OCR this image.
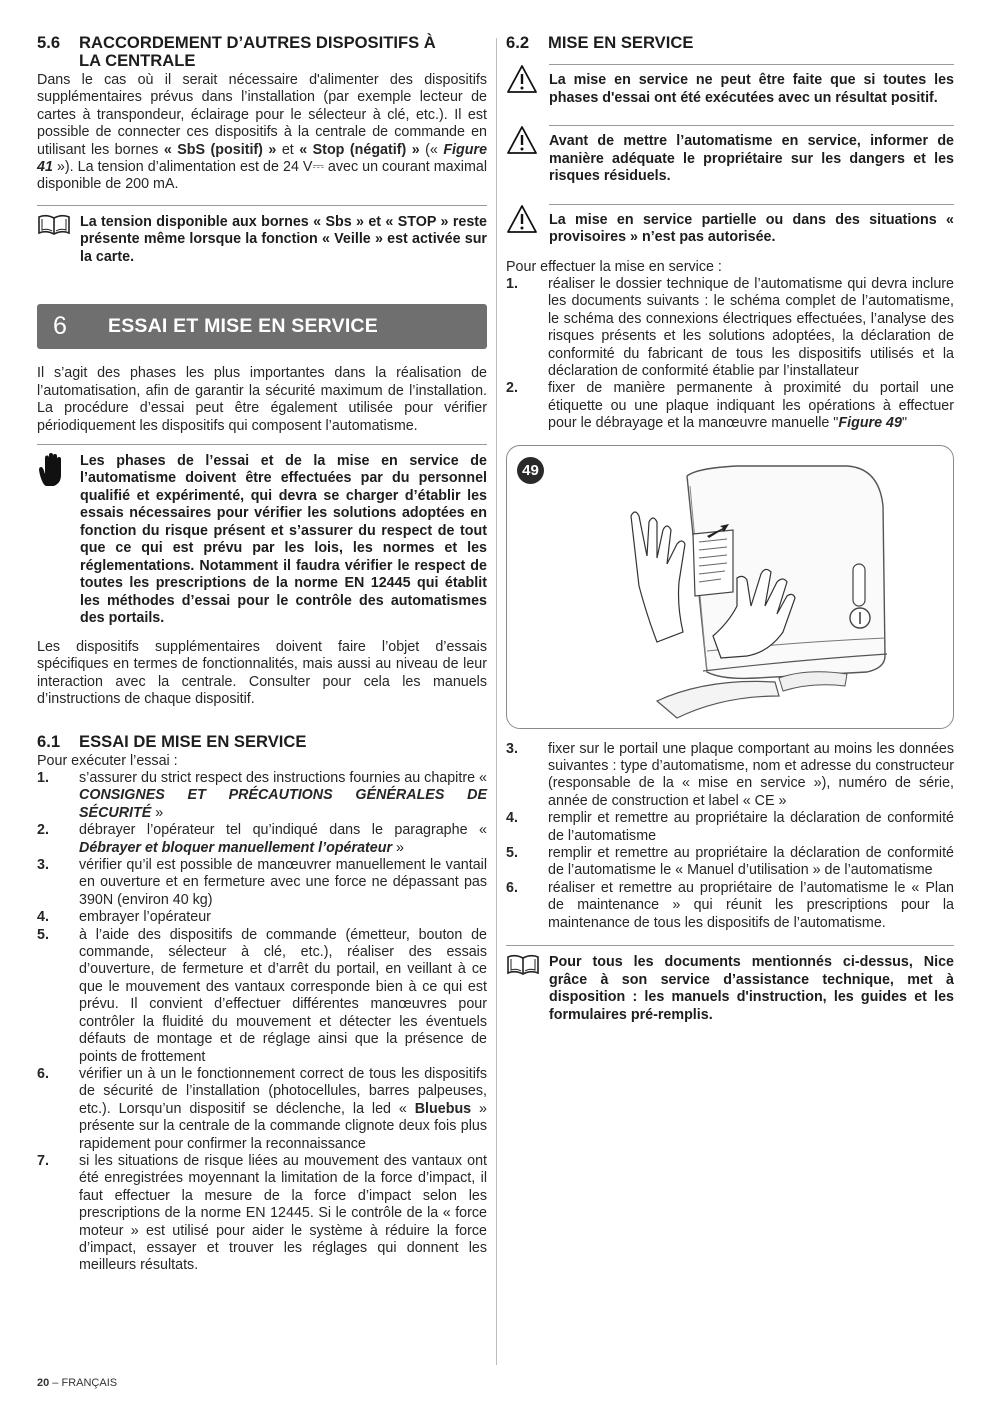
5.6	RACCORDEMENT D’AUTRES DISPOSITIFS À
LA CENTRALE

Dans le cas où il serait nécessaire d'alimenter des dispositifs supplémentaires prévus dans l’installation (par exemple lecteur de cartes à transpondeur, éclairage pour le sélecteur à clé, etc.). Il est possible de connecter ces dispositifs à la centrale de commande en utilisant les bornes « SbS (positif) » et « Stop (négatif) » (« Figure 41 »). La tension d’alimentation est de 24 V⎓ avec un courant maximal disponible de 200 mA.

La tension disponible aux bornes « Sbs » et « STOP » reste présente même lorsque la fonction « Veille » est activée sur la carte.

6	ESSAI ET MISE EN SERVICE

Il s’agit des phases les plus importantes dans la réalisation de l’automatisation, afin de garantir la sécurité maximum de l’installation. La procédure d’essai peut être également utilisée pour vérifier périodiquement les dispositifs qui composent l’automatisme.

Les phases de l’essai et de la mise en service de l’automatisme doivent être effectuées par du personnel qualifié et expérimenté, qui devra se charger d’établir les essais nécessaires pour vérifier les solutions adoptées en fonction du risque présent et s’assurer du respect de tout que ce qui est prévu par les lois, les normes et les réglementations. Notamment il faudra vérifier le respect de toutes les prescriptions de la norme EN 12445 qui établit les méthodes d’essai pour le contrôle des automatismes des portails.

Les dispositifs supplémentaires doivent faire l’objet d’essais spécifiques en termes de fonctionnalités, mais aussi au niveau de leur interaction avec la centrale. Consulter pour cela les manuels d’instructions de chaque dispositif.

6.1	ESSAI DE MISE EN SERVICE

Pour exécuter l’essai :

1.	s’assurer du strict respect des instructions fournies au chapitre « CONSIGNES ET PRÉCAUTIONS GÉNÉRALES DE SÉCURITÉ »
2.	débrayer l’opérateur tel qu’indiqué dans le paragraphe « Débrayer et bloquer manuellement l’opérateur »
3.	vérifier qu’il est possible de manœuvrer manuellement le vantail en ouverture et en fermeture avec une force ne dépassant pas 390N (environ 40 kg)
4.	embrayer l’opérateur
5.	à l’aide des dispositifs de commande (émetteur, bouton de commande, sélecteur à clé, etc.), réaliser des essais d’ouverture, de fermeture et d’arrêt du portail, en veillant à ce que le mouvement des vantaux corresponde bien à ce qui est prévu. Il convient d’effectuer différentes manœuvres pour contrôler la fluidité du mouvement et détecter les éventuels défauts de montage et de réglage ainsi que la présence de points de frottement
6.	vérifier un à un le fonctionnement correct de tous les dispositifs de sécurité de l’installation (photocellules, barres palpeuses, etc.). Lorsqu’un dispositif se déclenche, la led « Bluebus » présente sur la centrale de la commande clignote deux fois plus rapidement pour confirmer la reconnaissance
7.	si les situations de risque liées au mouvement des vantaux ont été enregistrées moyennant la limitation de la force d’impact, il faut effectuer la mesure de la force d’impact selon les prescriptions de la norme EN 12445. Si le contrôle de la « force moteur » est utilisé pour aider le système à réduire la force d’impact, essayer et trouver les réglages qui donnent les meilleurs résultats.
6.2	MISE EN SERVICE

La mise en service ne peut être faite que si toutes les phases d'essai ont été exécutées avec un résultat positif.

Avant de mettre l’automatisme en service, informer de manière adéquate le propriétaire sur les dangers et les risques résiduels.

La mise en service partielle ou dans des situations « provisoires » n’est pas autorisée.

Pour effectuer la mise en service :

1.	réaliser le dossier technique de l’automatisme qui devra inclure les documents suivants : le schéma complet de l’automatisme, le schéma des connexions électriques effectuées, l’analyse des risques présents et les solutions adoptées, la déclaration de conformité du fabricant de tous les dispositifs utilisés et la déclaration de conformité établie par l’installateur
2.	fixer de manière permanente à proximité du portail une étiquette ou une plaque indiquant les opérations à effectuer pour le débrayage et la manœuvre manuelle "Figure 49"
49
3.	fixer sur le portail une plaque comportant au moins les données suivantes : type d’automatisme, nom et adresse du constructeur (responsable de la « mise en service »), numéro de série, année de construction et label « CE »
4.	remplir et remettre au propriétaire la déclaration de conformité de l’automatisme
5.	remplir et remettre au propriétaire la déclaration de conformité de l’automatisme le « Manuel d’utilisation » de l’automatisme
6.	réaliser et remettre au propriétaire de l’automatisme le « Plan de maintenance » qui réunit les prescriptions pour la maintenance de tous les dispositifs de l’automatisme.

Pour tous les documents mentionnés ci-dessus, Nice grâce à son service d’assistance technique, met à disposition : les manuels d'instruction, les guides et les formulaires pré-remplis.

20 – FRANÇAIS
